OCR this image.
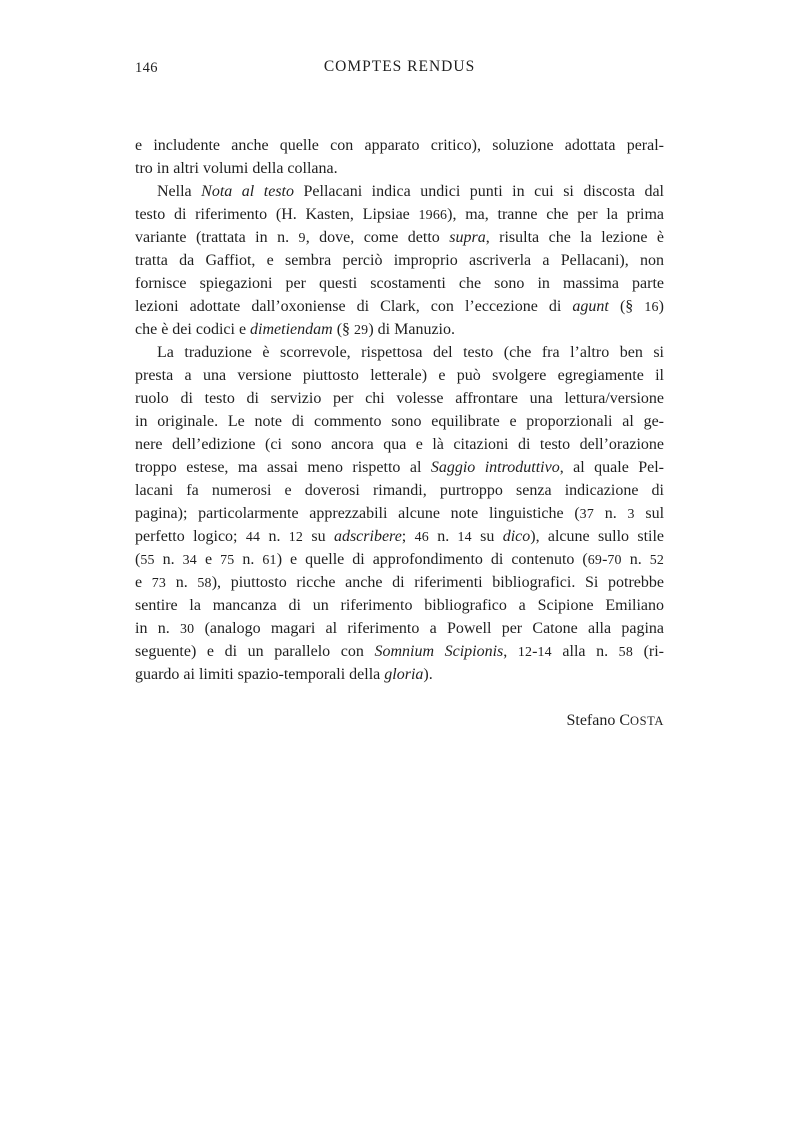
146	COMPTES RENDUS
e includente anche quelle con apparato critico), soluzione adottata peral-
tro in altri volumi della collana.
Nella Nota al testo Pellacani indica undici punti in cui si discosta dal
testo di riferimento (H. Kasten, Lipsiae 1966), ma, tranne che per la prima
variante (trattata in n. 9, dove, come detto supra, risulta che la lezione è
tratta da Gaffiot, e sembra perciò improprio ascriverla a Pellacani), non
fornisce spiegazioni per questi scostamenti che sono in massima parte
lezioni adottate dall’oxoniense di Clark, con l’eccezione di agunt (§ 16)
che è dei codici e dimetiendam (§ 29) di Manuzio.
La traduzione è scorrevole, rispettosa del testo (che fra l’altro ben si
presta a una versione piuttosto letterale) e può svolgere egregiamente il
ruolo di testo di servizio per chi volesse affrontare una lettura/versione
in originale. Le note di commento sono equilibrate e proporzionali al ge-
nere dell’edizione (ci sono ancora qua e là citazioni di testo dell’orazione
troppo estese, ma assai meno rispetto al Saggio introduttivo, al quale Pel-
lacani fa numerosi e doverosi rimandi, purtroppo senza indicazione di
pagina); particolarmente apprezzabili alcune note linguistiche (37 n. 3 sul
perfetto logico; 44 n. 12 su adscribere; 46 n. 14 su dico), alcune sullo stile
(55 n. 34 e 75 n. 61) e quelle di approfondimento di contenuto (69-70 n. 52
e 73 n. 58), piuttosto ricche anche di riferimenti bibliografici. Si potrebbe
sentire la mancanza di un riferimento bibliografico a Scipione Emiliano
in n. 30 (analogo magari al riferimento a Powell per Catone alla pagina
seguente) e di un parallelo con Somnium Scipionis, 12-14 alla n. 58 (ri-
guardo ai limiti spazio-temporali della gloria).
Stefano COSTA
